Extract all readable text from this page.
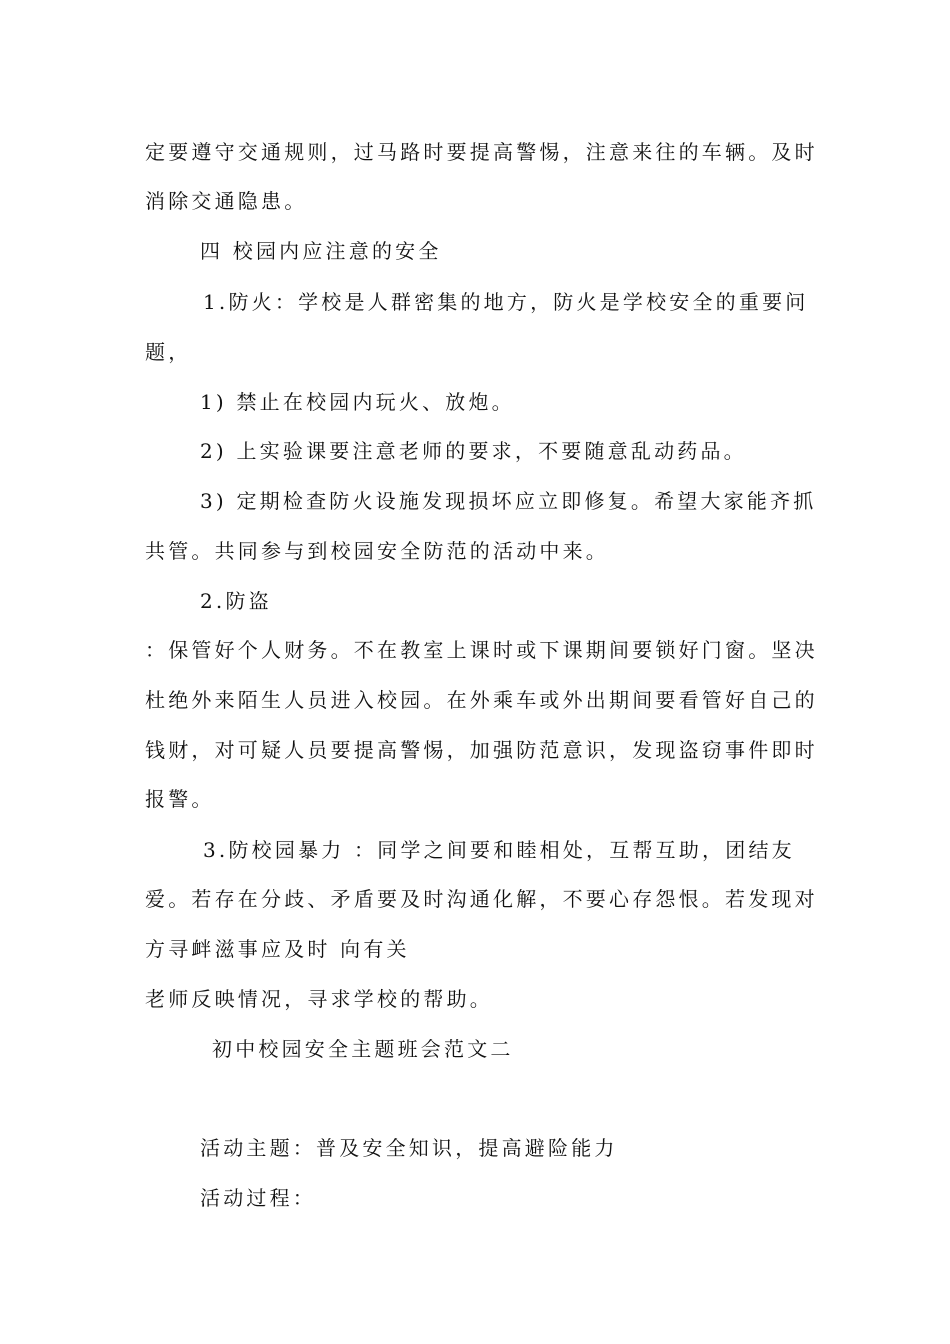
定要遵守交通规则，过马路时要提高警惕，注意来往的车辆。及时
消除交通隐患。
四 校园内应注意的安全
1.防火：学校是人群密集的地方，防火是学校安全的重要问
题，
1) 禁止在校园内玩火、放炮。
2) 上实验课要注意老师的要求，不要随意乱动药品。
3) 定期检查防火设施发现损坏应立即修复。希望大家能齐抓
共管。共同参与到校园安全防范的活动中来。
2.防盗
：保管好个人财务。不在教室上课时或下课期间要锁好门窗。坚决
杜绝外来陌生人员进入校园。在外乘车或外出期间要看管好自己的
钱财，对可疑人员要提高警惕，加强防范意识，发现盗窃事件即时
报警。
3.防校园暴力 ：同学之间要和睦相处，互帮互助，团结友
爱。若存在分歧、矛盾要及时沟通化解，不要心存怨恨。若发现对
方寻衅滋事应及时 向有关
老师反映情况，寻求学校的帮助。
初中校园安全主题班会范文二
活动主题：普及安全知识，提高避险能力
活动过程：
